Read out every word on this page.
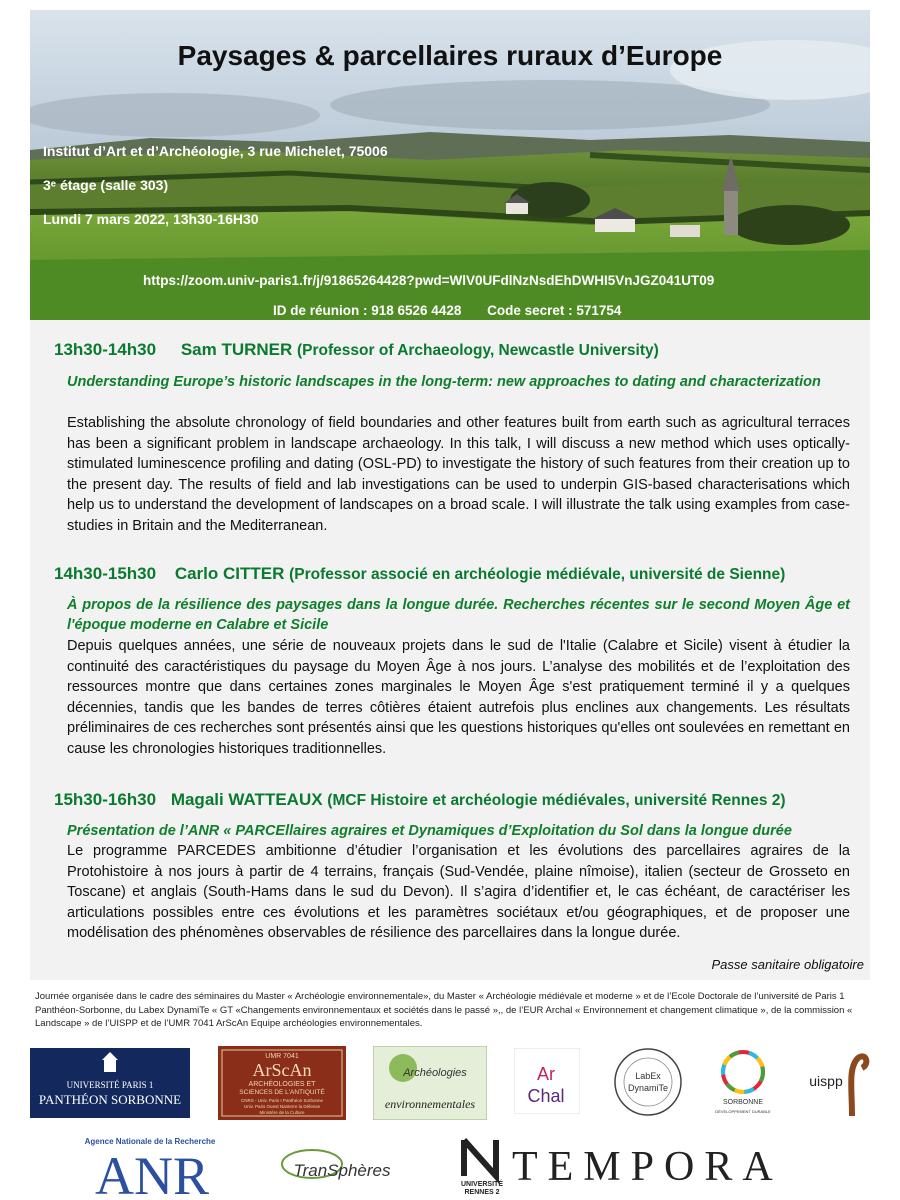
Paysages & parcellaires ruraux d’Europe
Institut d’Art et d’Archéologie, 3 rue Michelet, 75006
3ᵉ étage (salle 303)
Lundi 7 mars 2022, 13h30-16H30
https://zoom.univ-paris1.fr/j/91865264428?pwd=WlV0UFdlNzNsdEhDWHI5VnJGZ041UT09
ID de réunion : 918 6526 4428 Code secret : 571754
13h30-14h30 Sam TURNER (Professor of Archaeology, Newcastle University)
Understanding Europe’s historic landscapes in the long-term: new approaches to dating and characterization
Establishing the absolute chronology of field boundaries and other features built from earth such as agricultural terraces has been a significant problem in landscape archaeology. In this talk, I will discuss a new method which uses optically-stimulated luminescence profiling and dating (OSL-PD) to investigate the history of such features from their creation up to the present day. The results of field and lab investigations can be used to underpin GIS-based characterisations which help us to understand the development of landscapes on a broad scale. I will illustrate the talk using examples from case-studies in Britain and the Mediterranean.
14h30-15h30 Carlo CITTER (Professor associé en archéologie médiévale, université de Sienne)
À propos de la résilience des paysages dans la longue durée. Recherches récentes sur le second Moyen Âge et l'époque moderne en Calabre et Sicile
Depuis quelques années, une série de nouveaux projets dans le sud de l'Italie (Calabre et Sicile) visent à étudier la continuité des caractéristiques du paysage du Moyen Âge à nos jours. L’analyse des mobilités et de l’exploitation des ressources montre que dans certaines zones marginales le Moyen Âge s'est pratiquement terminé il y a quelques décennies, tandis que les bandes de terres côtières étaient autrefois plus enclines aux changements. Les résultats préliminaires de ces recherches sont présentés ainsi que les questions historiques qu'elles ont soulevées en remettant en cause les chronologies historiques traditionnelles.
15h30-16h30 Magali WATTEAUX (MCF Histoire et archéologie médiévales, université Rennes 2)
Présentation de l’ANR « PARCEllaires agraires et Dynamiques d’Exploitation du Sol dans la longue durée
Le programme PARCEDES ambitionne d’étudier l’organisation et les évolutions des parcellaires agraires de la Protohistoire à nos jours à partir de 4 terrains, français (Sud-Vendée, plaine nîmoise), italien (secteur de Grosseto en Toscane) et anglais (South-Hams dans le sud du Devon). Il s’agira d’identifier et, le cas échéant, de caractériser les articulations possibles entre ces évolutions et les paramètres sociétaux et/ou géographiques, et de proposer une modélisation des phénomènes observables de résilience des parcellaires dans la longue durée.
Passe sanitaire obligatoire
Journée organisée dans le cadre des séminaires du Master « Archéologie environnementale», du Master « Archéologie médiévale et moderne » et de l’Ecole Doctorale de l’université de Paris 1 Panthéon-Sorbonne, du Labex DynamiTe « GT «Changements environnementaux et sociétés dans le passé »,, de l’EUR Archal « Environnement et changement climatique », de la commission « Landscape » de l’UISPP et de l’UMR 7041 ArScAn Equipe archéologies environnementales.
UNIVERSITÉ PARIS 1
PANTHÉON SORBONNE
UMR 7041
ArScAn
ARCHÉOLOGIES ET
SCIENCES DE L'ANTIQUITÉ
CNRS - Univ. Paris I Panthéon Sorbonne
Univ. Paris Ouest Nanterre la Défense
Ministère de la Culture
Archéologies
environnementales
Ar
Chal
LabEx
DynamiTe
SORBONNE
DÉVELOPPEMENT DURABLE
uispp
Agence Nationale de la Recherche
ANR	TranSphères
UNIVERSITÉ
RENNES 2
TEMPORA
